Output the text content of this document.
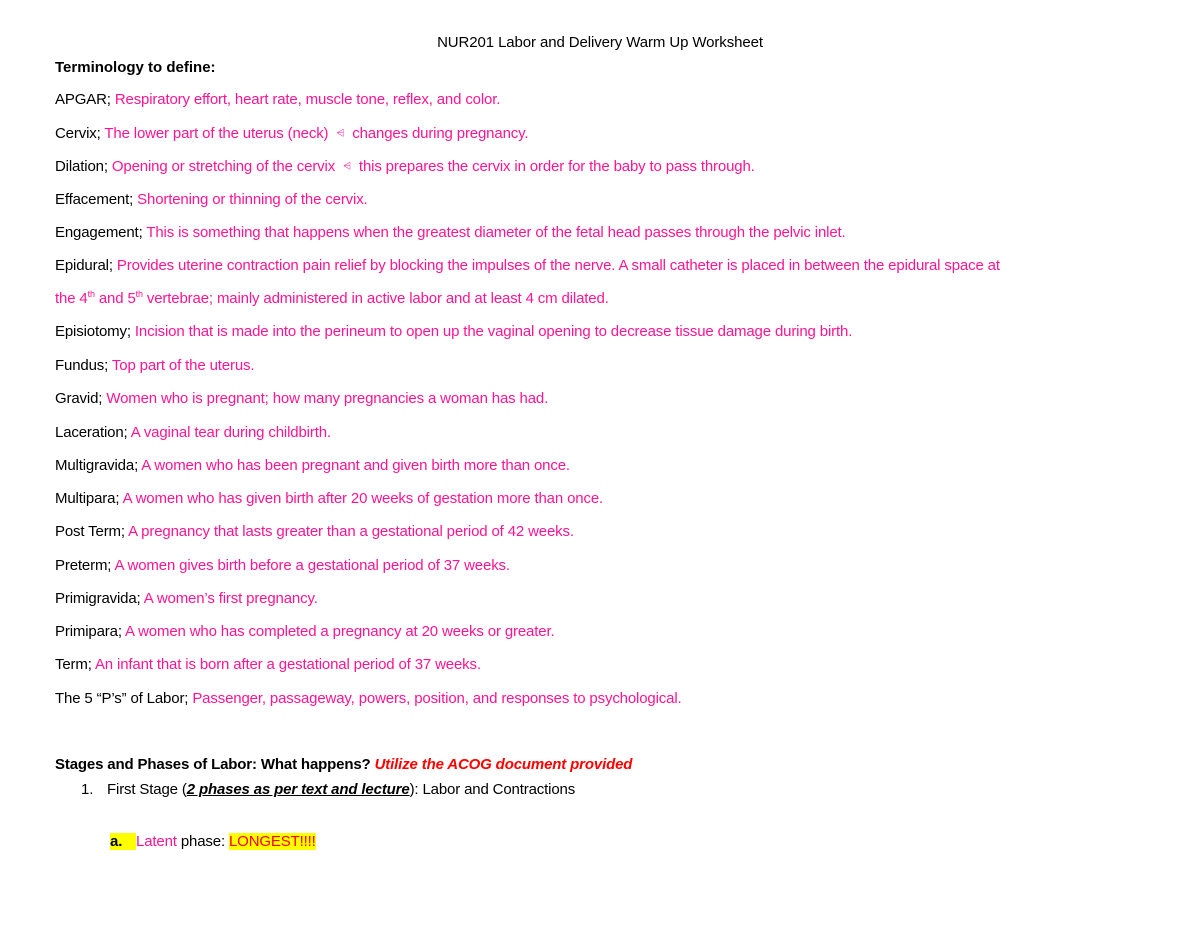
NUR201 Labor and Delivery Warm Up Worksheet
Terminology to define:
APGAR; Respiratory effort, heart rate, muscle tone, reflex, and color.
Cervix; The lower part of the uterus (neck) ⩤ changes during pregnancy.
Dilation; Opening or stretching of the cervix ⩤ this prepares the cervix in order for the baby to pass through.
Effacement; Shortening or thinning of the cervix.
Engagement; This is something that happens when the greatest diameter of the fetal head passes through the pelvic inlet.
Epidural; Provides uterine contraction pain relief by blocking the impulses of the nerve. A small catheter is placed in between the epidural space at
the 4th and 5th vertebrae; mainly administered in active labor and at least 4 cm dilated.
Episiotomy; Incision that is made into the perineum to open up the vaginal opening to decrease tissue damage during birth.
Fundus; Top part of the uterus.
Gravid; Women who is pregnant; how many pregnancies a woman has had.
Laceration; A vaginal tear during childbirth.
Multigravida; A women who has been pregnant and given birth more than once.
Multipara; A women who has given birth after 20 weeks of gestation more than once.
Post Term; A pregnancy that lasts greater than a gestational period of 42 weeks.
Preterm; A women gives birth before a gestational period of 37 weeks.
Primigravida; A women’s first pregnancy.
Primipara; A women who has completed a pregnancy at 20 weeks or greater.
Term; An infant that is born after a gestational period of 37 weeks.
The 5 “P’s” of Labor; Passenger, passageway, powers, position, and responses to psychological.
Stages and Phases of Labor: What happens? Utilize the ACOG document provided
1. First Stage (2 phases as per text and lecture): Labor and Contractions
a. Latent phase: LONGEST!!!!
